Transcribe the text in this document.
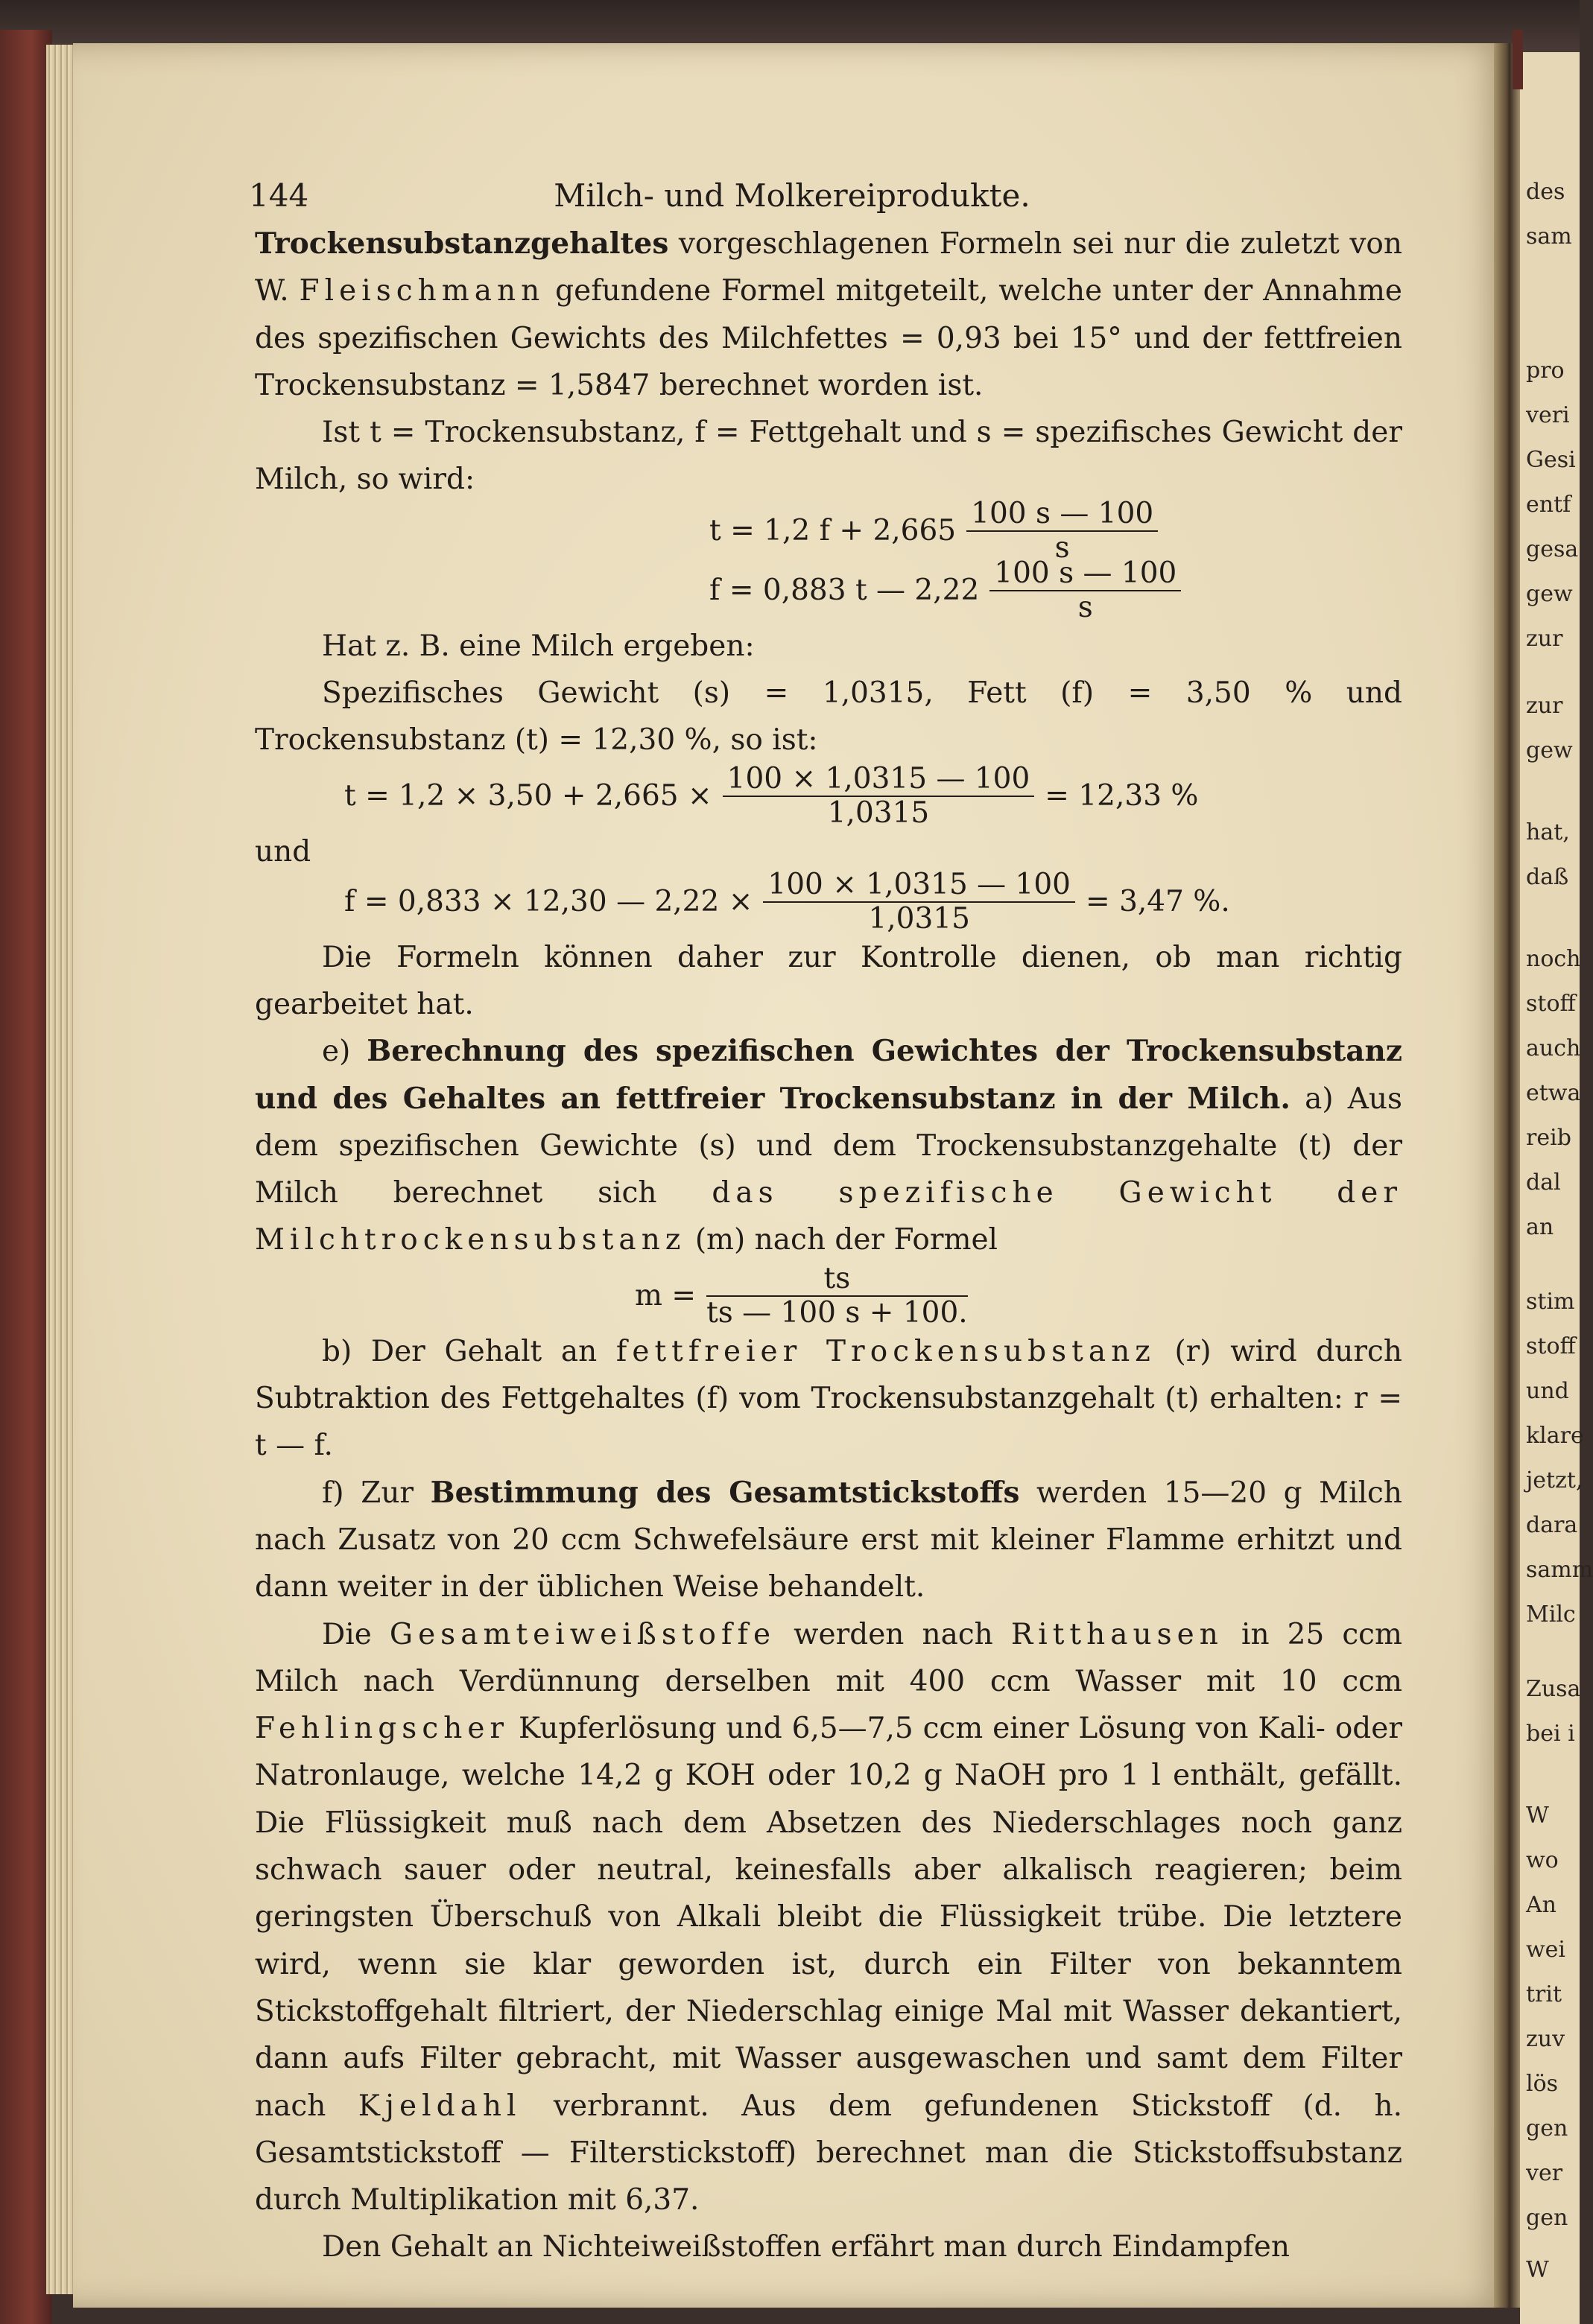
144	Milch- und Molkereiprodukte.

Trockensubstanzgehaltes vorgeschlagenen Formeln sei nur die zuletzt von W. Fleischmann gefundene Formel mitgeteilt, welche unter der Annahme des spezifischen Gewichts des Milchfettes = 0,93 bei 15° und der fettfreien Trockensubstanz = 1,5847 berechnet worden ist.

Ist t = Trockensubstanz, f = Fettgehalt und s = spezifisches Gewicht der Milch, so wird:

t = 1,2 $f + 2,665 \frac{100 s — 100}{s}$
f = 0,883 t — $2,22 \frac{100 s — 100}{s}$

Hat z. B. eine Milch ergeben:

Spezifisches Gewicht (s) = 1,0315, Fett (f) = 3,50 % und Trockensubstanz (t) = 12,30 %, so ist:

$t = 1,2 \times 3,50 + 2,665 \times \frac{100 \times 1,0315 — 100}{1,0315} = 12,33$ %
und
f = 0,833 × 12,30 — $2,22 \times \frac{100 \times 1,0315 — 100}{1,0315} = 3,47$ %.

Die Formeln können daher zur Kontrolle dienen, ob man richtig gearbeitet hat.

e) Berechnung des spezifischen Gewichtes der Trockensubstanz und des Gehaltes an fettfreier Trockensubstanz in der Milch. a) Aus dem spezifischen Gewichte (s) und dem Trockensubstanzgehalte (t) der Milch berechnet sich das spezifische Gewicht der Milchtrockensubstanz (m) nach der Formel

$m = \frac{ts}{ts — 100 s + 100.}$

b) Der Gehalt an fettfreier Trockensubstanz (r) wird durch Subtraktion des Fettgehaltes (f) vom Trockensubstanzgehalt (t) erhalten: r = t — f.

f) Zur Bestimmung des Gesamtstickstoffs werden 15—20 g Milch nach Zusatz von 20 ccm Schwefelsäure erst mit kleiner Flamme erhitzt und dann weiter in der üblichen Weise behandelt.

Die Gesamteiweißstoffe werden nach Ritthausen in 25 ccm Milch nach Verdünnung derselben mit 400 ccm Wasser mit 10 ccm Fehlingscher Kupferlösung und 6,5—7,5 ccm einer Lösung von Kali- oder Natronlauge, welche 14,2 g KOH oder 10,2 g NaOH pro 1 l enthält, gefällt. Die Flüssigkeit muß nach dem Absetzen des Niederschlages noch ganz schwach sauer oder neutral, keinesfalls aber alkalisch reagieren; beim geringsten Überschuß von Alkali bleibt die Flüssigkeit trübe. Die letztere wird, wenn sie klar geworden ist, durch ein Filter von bekanntem Stickstoffgehalt filtriert, der Niederschlag einige Mal mit Wasser dekantiert, dann aufs Filter gebracht, mit Wasser ausgewaschen und samt dem Filter nach Kjeldahl verbrannt. Aus dem gefundenen Stickstoff (d. h. Gesamtstickstoff — Filterstickstoff) berechnet man die Stickstoffsubstanz durch Multiplikation mit 6,37.

Den Gehalt an Nichteiweißstoffen erfährt man durch Eindampfen

des
sam
pro
veri
Gesi
entf
gesa
gew
zur
zur
gew
hat,
daß
noch
stoff
auch
etwa
reib
dal
an
stim
stoff
und
klare
jetzt,
dara
samm
Milc
Zusa
bei i
W
wo
An
wei
trit
zuv
lös
gen
ver
gen
W
